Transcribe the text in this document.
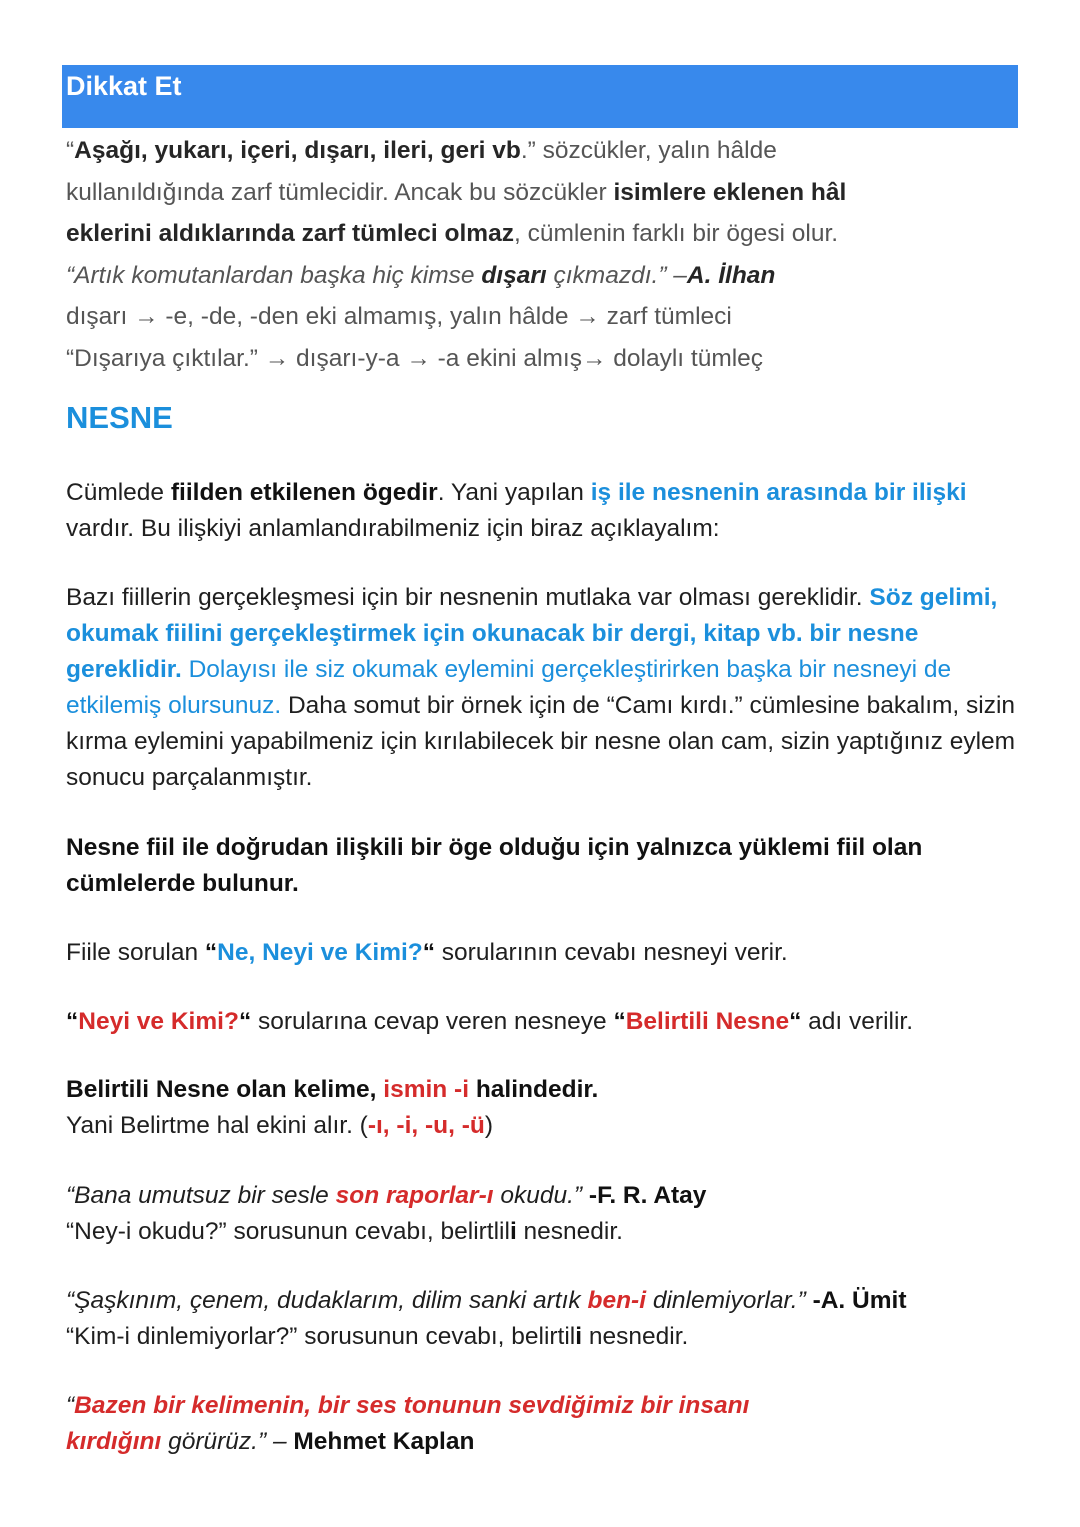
Dikkat Et

“Aşağı, yukarı, içeri, dışarı, ileri, geri vb.” sözcükler, yalın hâlde

kullanıldığında zarf tümlecidir. Ancak bu sözcükler isimlere eklenen hâl

eklerini aldıklarında zarf tümleci olmaz, cümlenin farklı bir ögesi olur.

“Artık komutanlardan başka hiç kimse dışarı çıkmazdı.” –A. İlhan

dışarı → -e, -de, -den eki almamış, yalın hâlde → zarf tümleci

“Dışarıya çıktılar.” → dışarı-y-a → -a ekini almış→ dolaylı tümleç

NESNE

Cümlede fiilden etkilenen ögedir. Yani yapılan iş ile nesnenin arasında bir ilişki vardır. Bu ilişkiyi anlamlandırabilmeniz için biraz açıklayalım:

Bazı fiillerin gerçekleşmesi için bir nesnenin mutlaka var olması gereklidir. Söz gelimi, okumak fiilini gerçekleştirmek için okunacak bir dergi, kitap vb. bir nesne gereklidir. Dolayısı ile siz okumak eylemini gerçekleştirirken başka bir nesneyi de etkilemiş olursunuz. Daha somut bir örnek için de “Camı kırdı.” cümlesine bakalım, sizin kırma eylemini yapabilmeniz için kırılabilecek bir nesne olan cam, sizin yaptığınız eylem sonucu parçalanmıştır.

Nesne fiil ile doğrudan ilişkili bir öge olduğu için yalnızca yüklemi fiil olan cümlelerde bulunur.

Fiile sorulan “Ne, Neyi ve Kimi?“ sorularının cevabı nesneyi verir.

“Neyi ve Kimi?“ sorularına cevap veren nesneye “Belirtili Nesne“ adı verilir.

Belirtili Nesne olan kelime, ismin -i halindedir.

Yani Belirtme hal ekini alır. (-ı, -i, -u, -ü)

“Bana umutsuz bir sesle son raporlar-ı okudu.” -F. R. Atay

“Ney-i okudu?” sorusunun cevabı, belirtlili nesnedir.

“Şaşkınım, çenem, dudaklarım, dilim sanki artık ben-i dinlemiyorlar.” -A. Ümit

“Kim-i dinlemiyorlar?” sorusunun cevabı, belirtili nesnedir.

“Bazen bir kelimenin, bir ses tonunun sevdiğimiz bir insanı

kırdığını görürüz.” – Mehmet Kaplan
